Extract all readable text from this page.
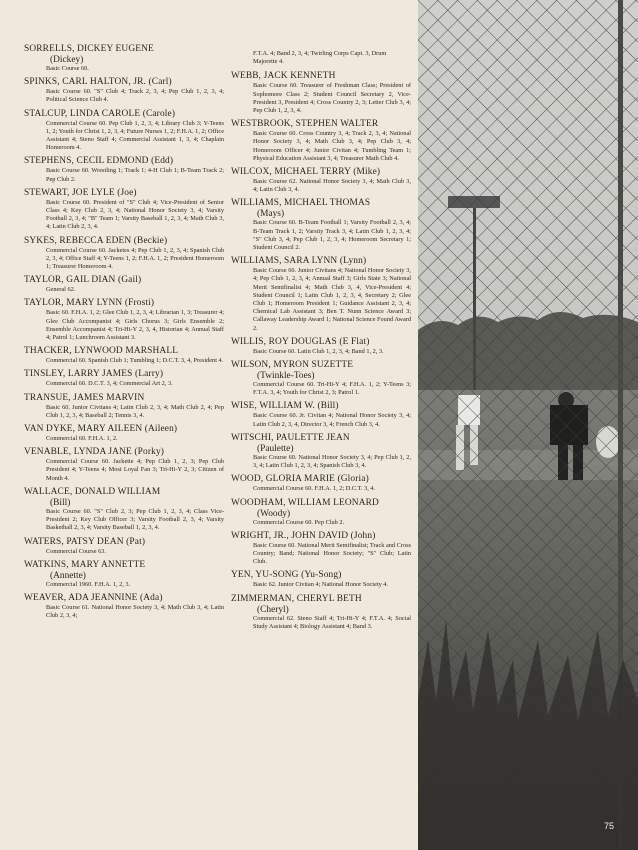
SORRELLS, DICKEY EUGENE
(Dickey)
Basic Course 60.
SPINKS, CARL HALTON, JR. (Carl)
Basic Course 60. "S" Club 4; Track 2, 3, 4; Pep Club 1, 2, 3, 4; Political Science Club 4.
STALCUP, LINDA CAROLE (Carole)
Commercial Course 60. Pep Club 1, 2, 3, 4; Library Club 3; Y-Teens 1, 2; Youth for Christ 1, 2, 3, 4; Future Nurses 1, 2; F.H.A. 1, 2; Office Assistant 4; Steno Staff 4; Commercial Assistant 1, 3, 4; Chaplain Homeroom 4.
STEPHENS, CECIL EDMOND (Edd)
Basic Course 60. Wrestling 1; Track 1; 4-H Club 1; B-Team Track 2; Pep Club 2.
STEWART, JOE LYLE (Joe)
Basic Course 60. President of "S" Club 4; Vice-President of Senior Class 4; Key Club 2, 3, 4; National Honor Society 3, 4; Varsity Football 2, 3, 4; "B" Team 1; Varsity Baseball 1, 2, 3, 4; Math Club 3, 4; Latin Club 2, 3, 4.
SYKES, REBECCA EDEN (Beckie)
Commercial Course 60. Jacketes 4; Pep Club 1, 2, 3, 4; Spanish Club 2, 3, 4; Office Staff 4; Y-Teens 1, 2; F.H.A. 1, 2; President Homeroom 1; Treasurer Homeroom 4.
TAYLOR, GAIL DIAN (Gail)
General 62.
TAYLOR, MARY LYNN (Frosti)
Basic 60. F.H.A. 1, 2; Glee Club 1, 2, 3, 4; Librarian 1, 3; Treasurer 4; Glee Club Accompanist 4; Girls Chorus 3; Girls Ensemble 2; Ensemble Accompanist 4; Tri-Hi-Y 2, 3, 4, Historian 4; Annual Staff 4; Patrol 1; Lunchroom Assistant 3.
THACKER, LYNWOOD MARSHALL
Commercial 60. Spanish Club 1; Tumbling 1; D.C.T. 3, 4, President 4.
TINSLEY, LARRY JAMES (Larry)
Commercial 60. D.C.T. 3, 4; Commercial Art 2, 3.
TRANSUE, JAMES MARVIN
Basic 60. Junior Civitans 4; Latin Club 2, 3, 4; Math Club 2, 4; Pep Club 1, 2, 3, 4; Baseball 2; Tennis 3, 4.
VAN DYKE, MARY AILEEN (Aileen)
Commercial 60. F.H.A. 1, 2.
VENABLE, LYNDA JANE (Porky)
Commercial Course 60. Jackette 4; Pep Club 1, 2, 3; Pep Club President 4; Y-Teens 4; Most Loyal Fan 3; Tri-Hi-Y 2, 3; Citizen of Month 4.
WALLACE, DONALD WILLIAM
(Bill)
Basic Course 60. "S" Club 2, 3; Pep Club 1, 2, 3, 4; Class Vice-President 2; Key Club Officer 3; Varsity Football 2, 3, 4; Varsity Basketball 2, 3, 4; Varsity Baseball 1, 2, 3, 4.
WATERS, PATSY DEAN (Pat)
Commercial Course 63.
WATKINS, MARY ANNETTE
(Annette)
Commercial 1960. F.H.A. 1, 2, 3.
WEAVER, ADA JEANNINE (Ada)
Basic Course 61. National Honor Society 3, 4; Math Club 3, 4; Latin Club 2, 3, 4;
F.T.A. 4; Band 2, 3, 4; Twirling Corps Capt. 3, Drum Majorette 4.
WEBB, JACK KENNETH
Basic Course 60. Treasurer of Freshman Class; President of Sophomore Class 2; Student Council Secretary 2, Vice-President 3, President 4; Cross Country 2, 3; Letter Club 3, 4; Pep Club 1, 2, 3, 4.
WESTBROOK, STEPHEN WALTER
Basic Course 60. Cross Country 3, 4; Track 2, 3, 4; National Honor Society 3, 4; Math Club 3, 4; Pep Club 3, 4; Homeroom Officer 4; Junior Civitan 4; Tumbling Team 1; Physical Education Assistant 3, 4; Treasurer Math Club 4.
WILCOX, MICHAEL TERRY (Mike)
Basic Course 62. National Honor Society 3, 4; Math Club 3, 4; Latin Club 3, 4.
WILLIAMS, MICHAEL THOMAS
(Mays)
Basic Course 60. B-Team Football 1; Varsity Football 2, 3, 4; B-Team Track 1, 2; Varsity Track 3, 4; Latin Club 1, 2, 3, 4; "S" Club 3, 4; Pep Club 1, 2, 3, 4; Homeroom Secretary 1; Student Council 2.
WILLIAMS, SARA LYNN (Lynn)
Basic Course 60. Junior Civitans 4; National Honor Society 3, 4; Pep Club 1, 2, 3, 4; Annual Staff 3; Girls State 3; National Merit Semifinalist 4; Math Club 3, 4, Vice-President 4; Student Council 1; Latin Club 1, 2, 3, 4, Secretary 2; Glee Club 1; Homeroom President 1; Guidance Assistant 2, 3, 4; Chemical Lab Assistant 3; Ben T. Nunn Science Award 3; Callaway Leadership Award 1; National Science Found Award 2.
WILLIS, ROY DOUGLAS (E Flat)
Basic Course 60. Latin Club 1, 2, 3, 4; Band 1, 2, 3.
WILSON, MYRON SUZETTE
(Twinkle-Toes)
Commercial Course 60. Tri-Hi-Y 4; F.H.A. 1, 2; Y-Teens 3; F.T.A. 3, 4; Youth for Christ 2, 3; Patrol 1.
WISE, WILLIAM W. (Bill)
Basic Course 60. Jr. Civitan 4; National Honor Society 3, 4; Latin Club 2, 3, 4, Director 3, 4; French Club 3, 4.
WITSCHI, PAULETTE JEAN
(Paulette)
Basic Course 60. National Honor Society 3, 4; Pep Club 1, 2, 3, 4; Latin Club 1, 2, 3, 4; Spanish Club 3, 4.
WOOD, GLORIA MARIE (Gloria)
Commercial Course 60. F.H.A. 1, 2; D.C.T. 3, 4.
WOODHAM, WILLIAM LEONARD
(Woody)
Commercial Course 60. Pep Club 2.
WRIGHT, JR., JOHN DAVID (John)
Basic Course 60. National Merit Semifinalist; Track and Cross Country; Band; National Honor Society; "S" Club; Latin Club.
YEN, YU-SONG (Yu-Song)
Basic 62. Junior Civitan 4; National Honor Society 4.
ZIMMERMAN, CHERYL BETH
(Cheryl)
Commercial 62. Steno Staff 4; Tri-Hi-Y 4; F.T.A. 4; Social Study Assistant 4; Biology Assistant 4; Band 3.
75
